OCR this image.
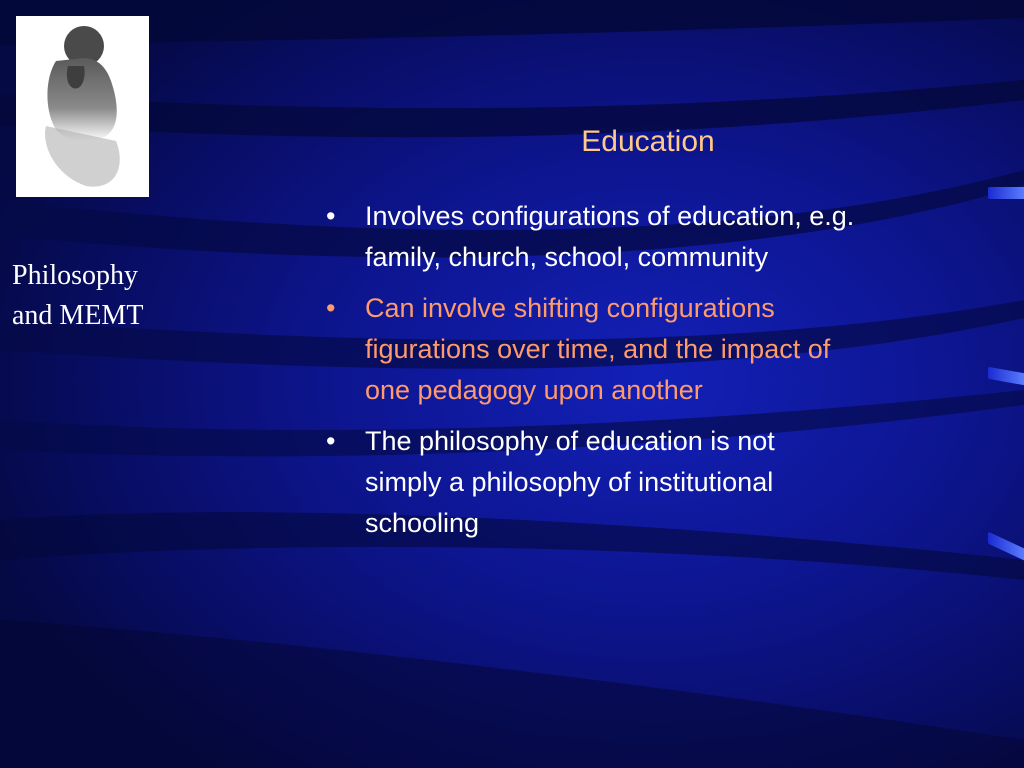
Philosophy
and MEMT
Education
• Involves configurations of education, e.g.
family, church, school, community
• Can involve shifting configurations
figurations over time, and the impact of
one pedagogy upon another
• The philosophy of education is not
simply a philosophy of institutional
schooling
